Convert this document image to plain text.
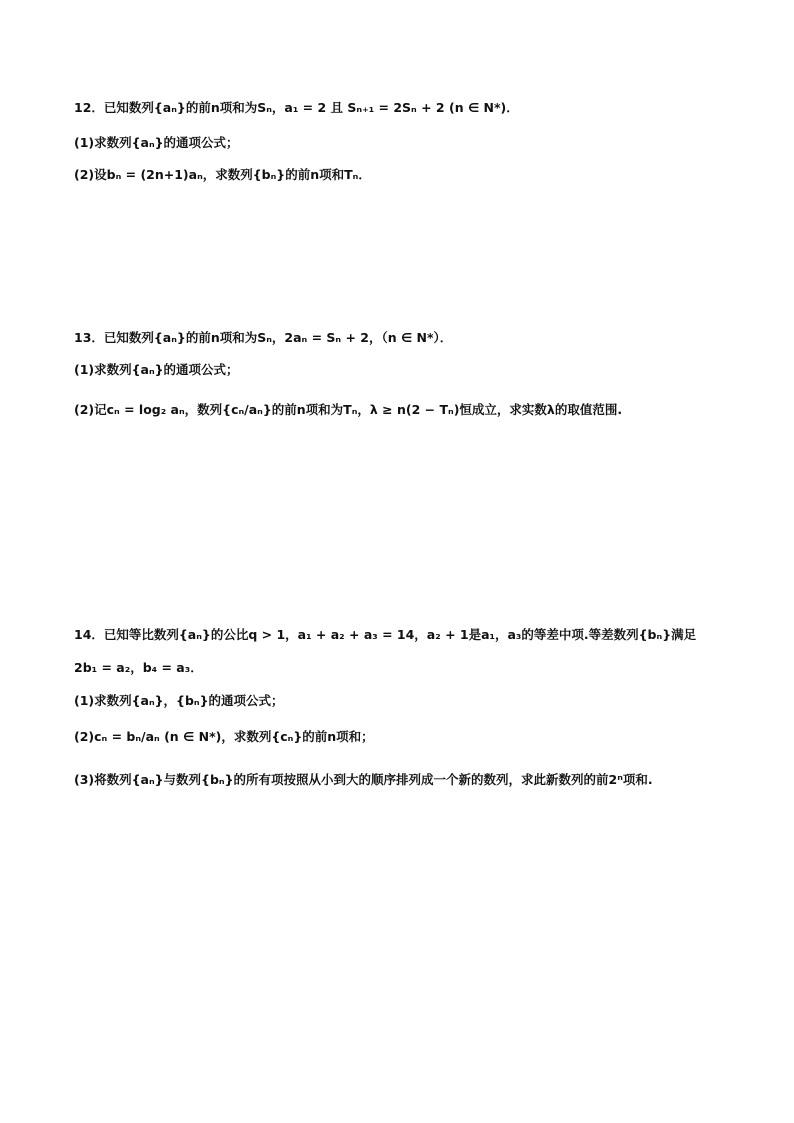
12．已知数列{aₙ}的前n项和为Sₙ，a₁ = 2 且 Sₙ₊₁ = 2Sₙ + 2 (n ∈ N*)．
(1)求数列{aₙ}的通项公式；
(2)设bₙ = (2n+1)aₙ，求数列{bₙ}的前n项和Tₙ．
13．已知数列{aₙ}的前n项和为Sₙ，2aₙ = Sₙ + 2，（n ∈ N*）．
(1)求数列{aₙ}的通项公式；
(2)记cₙ = log₂ aₙ，数列{cₙ/aₙ}的前n项和为Tₙ，λ ≥ n(2 − Tₙ)恒成立，求实数λ的取值范围.
14．已知等比数列{aₙ}的公比q > 1，a₁ + a₂ + a₃ = 14，a₂ + 1是a₁，a₃的等差中项.等差数列{bₙ}满足
2b₁ = a₂，b₄ = a₃．
(1)求数列{aₙ}，{bₙ}的通项公式；
(2)cₙ = bₙ/aₙ (n ∈ N*)，求数列{cₙ}的前n项和；
(3)将数列{aₙ}与数列{bₙ}的所有项按照从小到大的顺序排列成一个新的数列，求此新数列的前2ⁿ项和.
